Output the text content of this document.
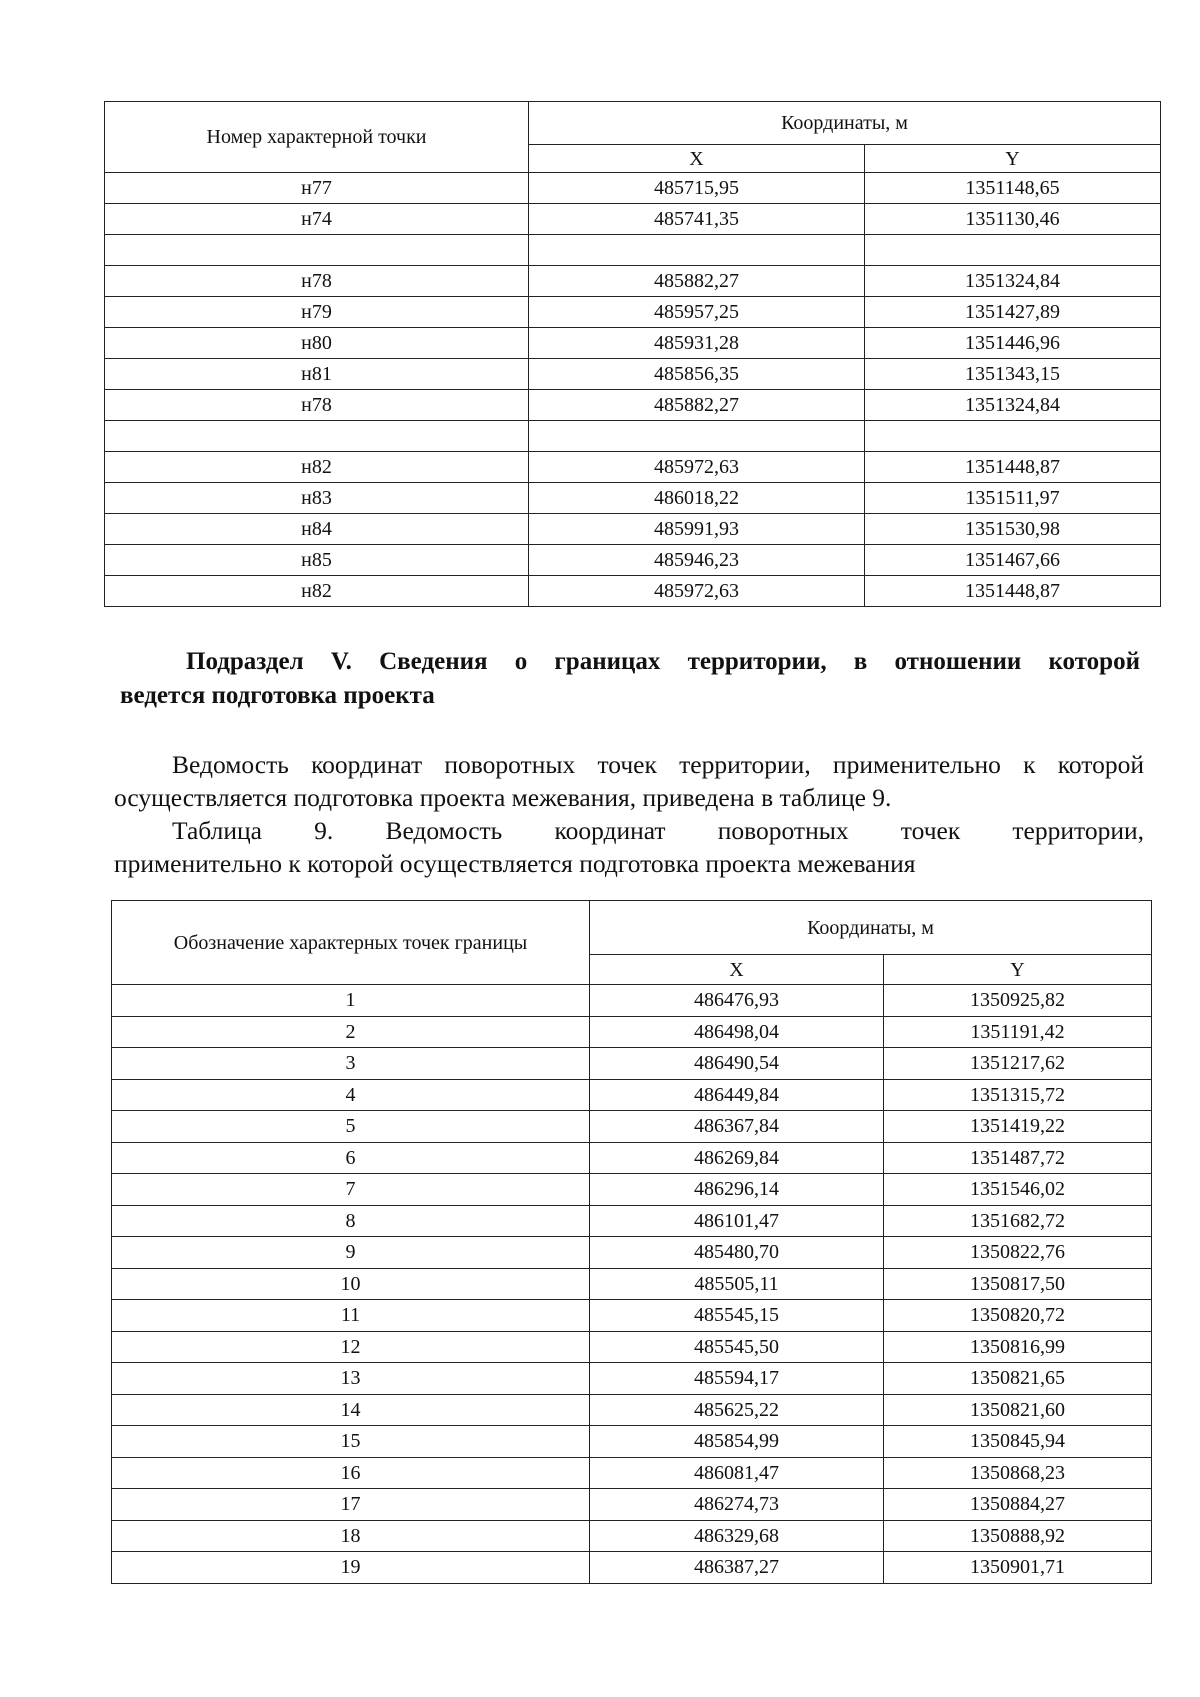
Номер характерной точки	Координаты, м	
	X	Y
н77	485715,95	1351148,65
н74	485741,35	1351130,46

н78	485882,27	1351324,84
н79	485957,25	1351427,89
н80	485931,28	1351446,96
н81	485856,35	1351343,15
н78	485882,27	1351324,84

н82	485972,63	1351448,87
н83	486018,22	1351511,97
н84	485991,93	1351530,98
н85	485946,23	1351467,66
н82	485972,63	1351448,87
Подраздел V. Сведения о границах территории, в отношении которой
ведется подготовка проекта
Ведомость координат поворотных точек территории, применительно к которой
осуществляется подготовка проекта межевания, приведена в таблице 9.
Таблица 9. Ведомость координат поворотных точек территории,
применительно к которой осуществляется подготовка проекта межевания
Обозначение характерных точек границы	Координаты, м	
	X	Y
1	486476,93	1350925,82
2	486498,04	1351191,42
3	486490,54	1351217,62
4	486449,84	1351315,72
5	486367,84	1351419,22
6	486269,84	1351487,72
7	486296,14	1351546,02
8	486101,47	1351682,72
9	485480,70	1350822,76
10	485505,11	1350817,50
11	485545,15	1350820,72
12	485545,50	1350816,99
13	485594,17	1350821,65
14	485625,22	1350821,60
15	485854,99	1350845,94
16	486081,47	1350868,23
17	486274,73	1350884,27
18	486329,68	1350888,92
19	486387,27	1350901,71
